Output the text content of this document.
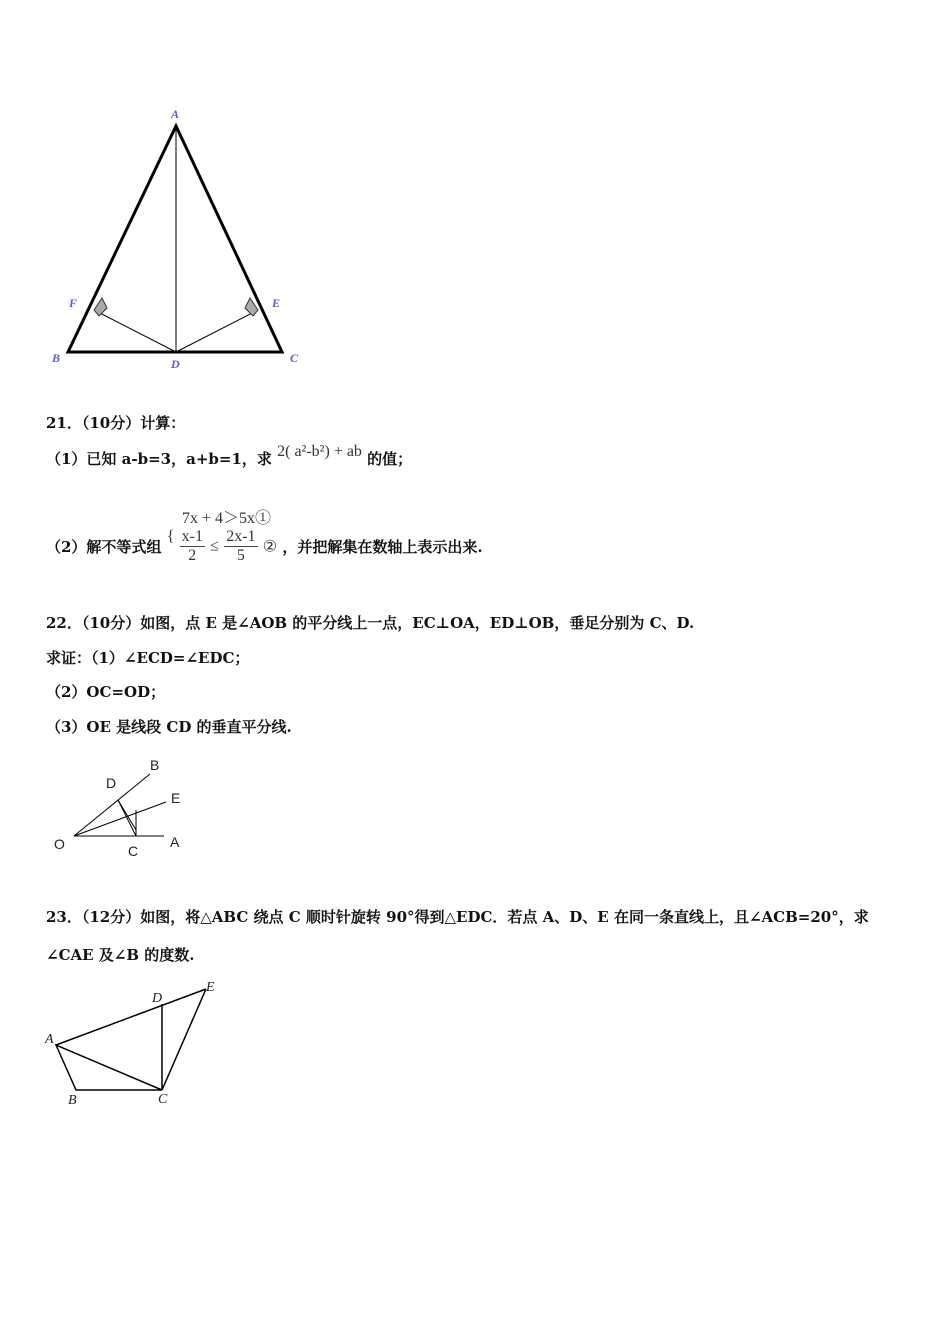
A
B	C
D
E
F
21．（10分）计算：
（1）已知 a-b=3，a+b=1，求 2( a²-b²) + ab 的值；
7x + 4＞5x①
（2）解不等式组 { $\frac{x-1}{2} \le \frac{2x-1}{5}$ ② ，并把解集在数轴上表示出来.
22．（10分）如图，点 E 是∠AOB 的平分线上一点，EC⊥OA，ED⊥OB，垂足分别为 C、D.
求证：（1）∠ECD=∠EDC；
（2）OC=OD；
（3）OE 是线段 CD 的垂直平分线.
O	A
B
C
D
E
23．（12分）如图，将△ABC 绕点 C 顺时针旋转 90°得到△EDC．若点 A、D、E 在同一条直线上，且∠ACB=20°，求
∠CAE 及∠B 的度数.
A
B	C
D
E
